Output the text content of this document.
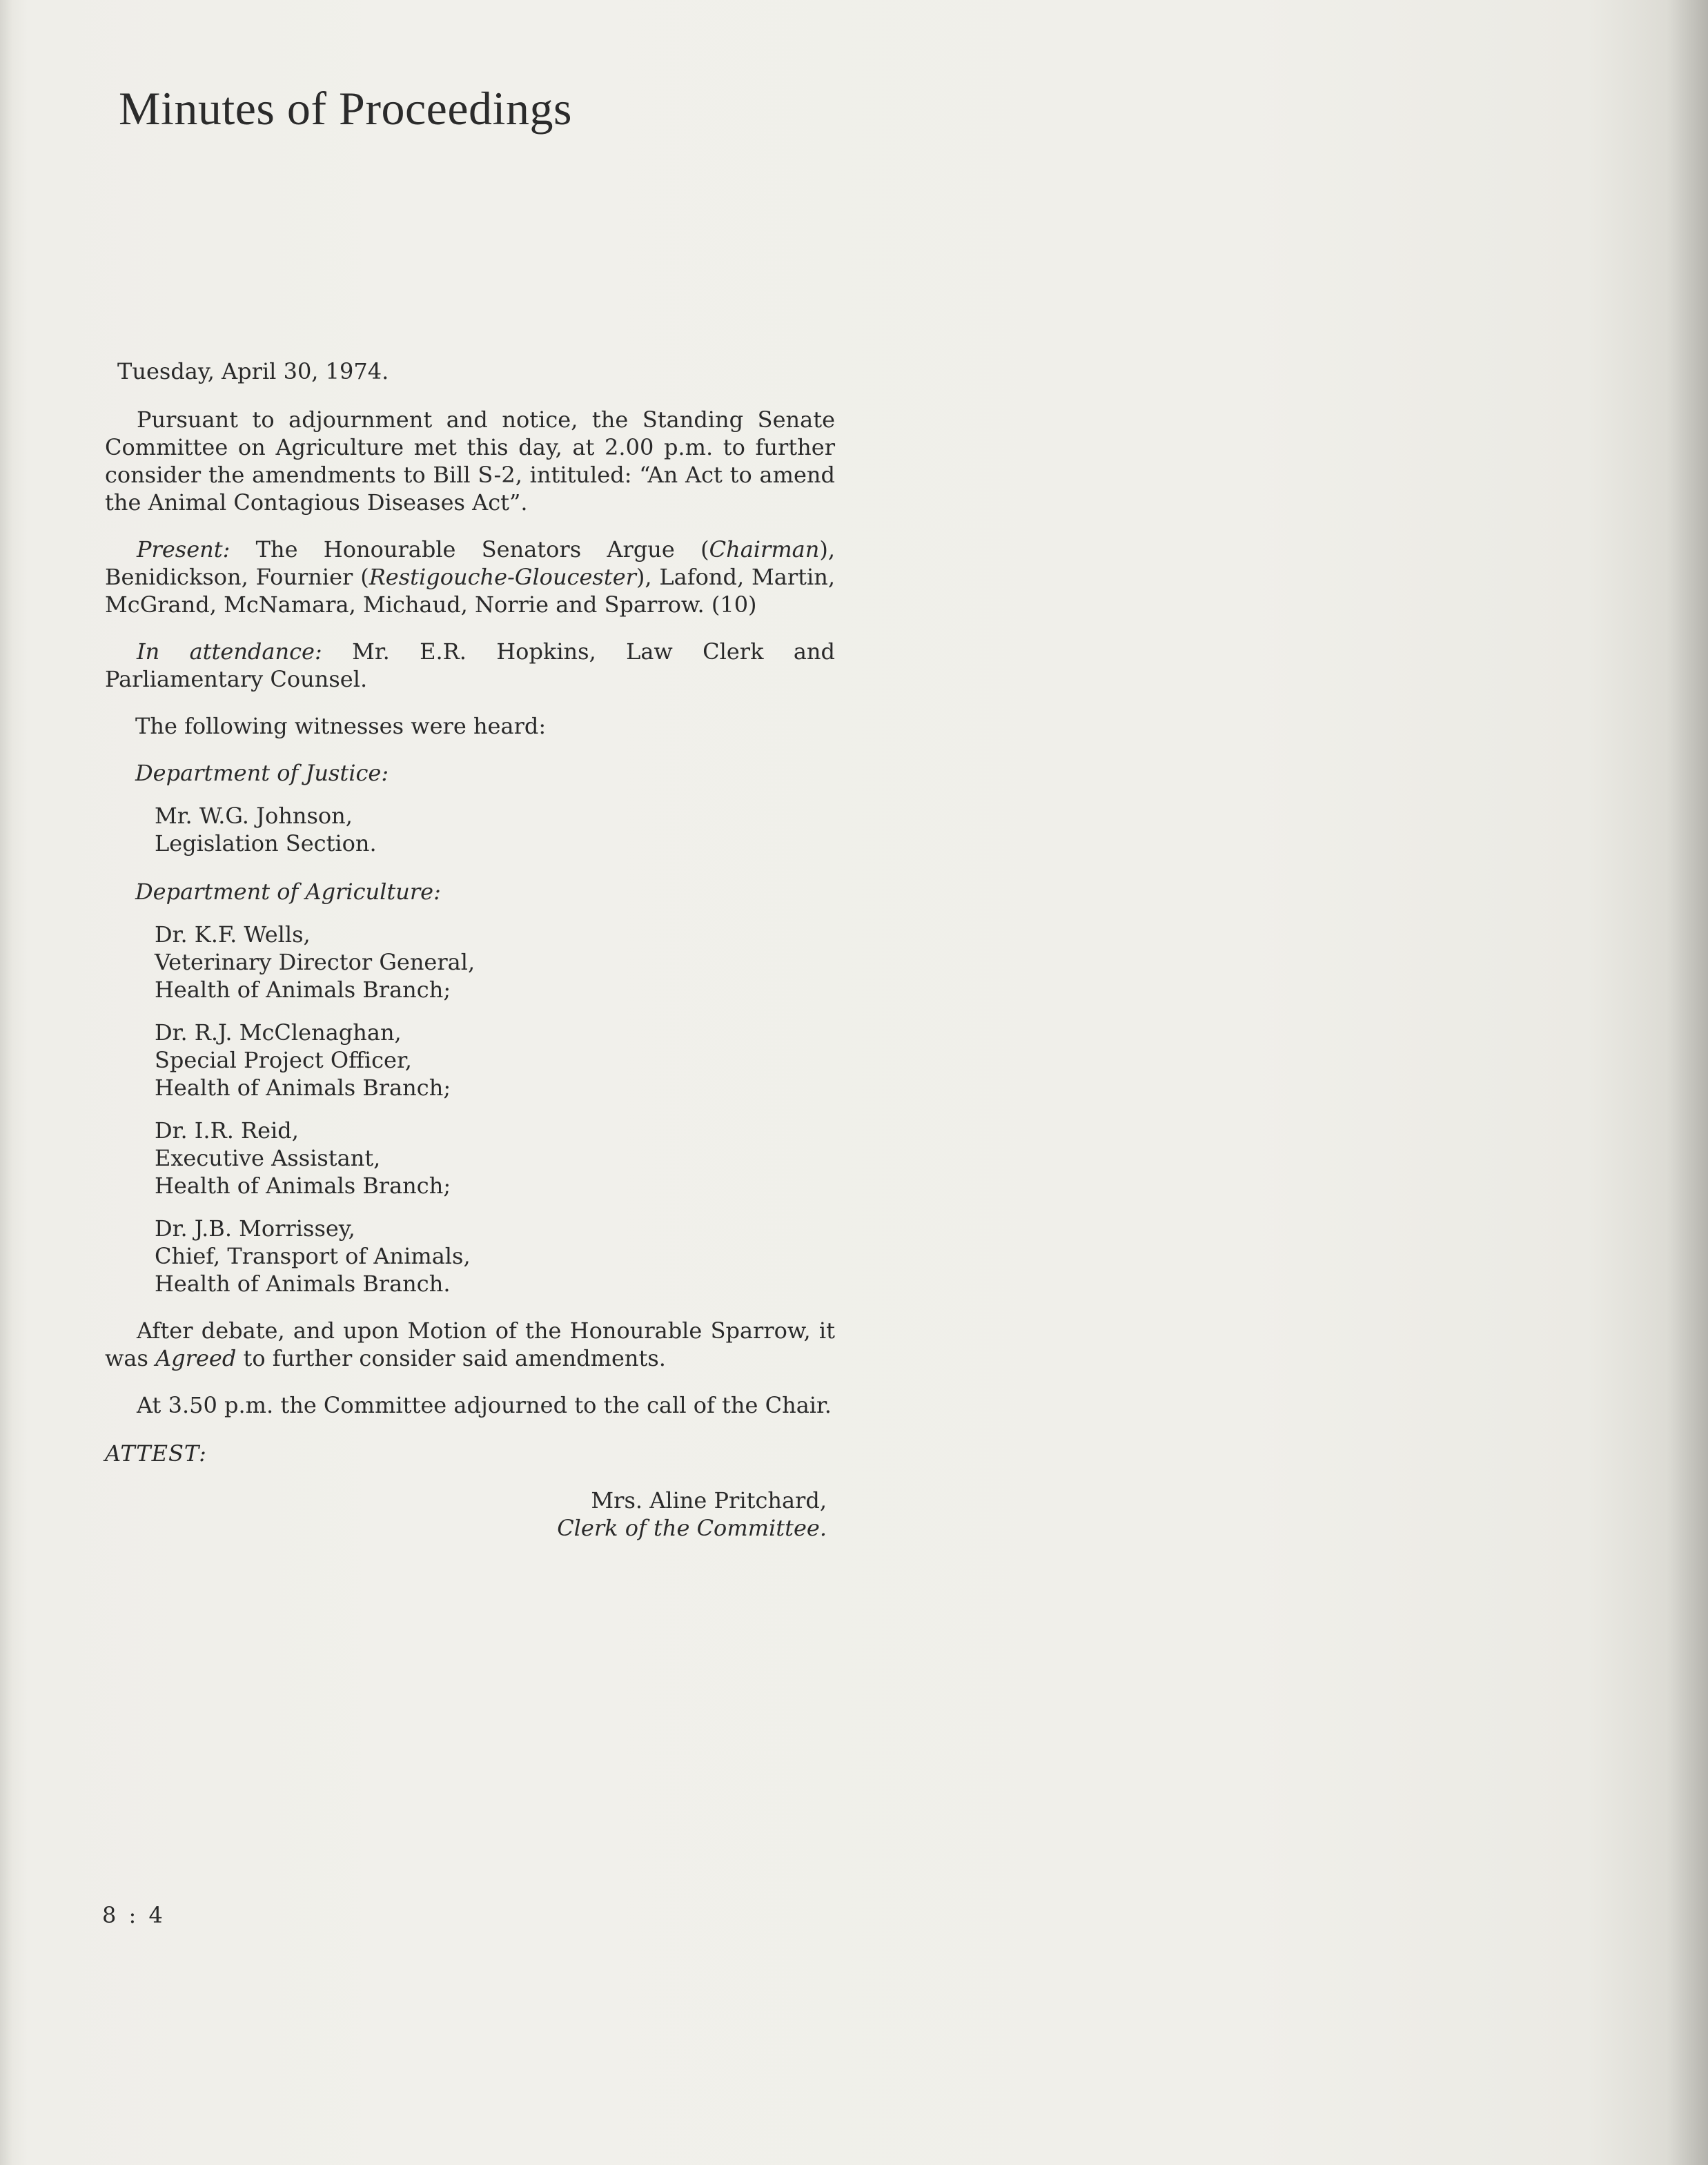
Minutes of Proceedings

Tuesday, April 30, 1974.

Pursuant to adjournment and notice, the Standing Senate Committee on Agriculture met this day, at 2.00 p.m. to further consider the amendments to Bill S-2, intituled: “An Act to amend the Animal Contagious Diseases Act”.

Present: The Honourable Senators Argue (Chairman), Benidickson, Fournier (Restigouche-Gloucester), Lafond, Martin, McGrand, McNamara, Michaud, Norrie and Sparrow. (10)

In attendance: Mr. E.R. Hopkins, Law Clerk and Parliamentary Counsel.

The following witnesses were heard:

Department of Justice:

Mr. W.G. Johnson,
Legislation Section.

Department of Agriculture:

Dr. K.F. Wells,
Veterinary Director General,
Health of Animals Branch;
Dr. R.J. McClenaghan,
Special Project Officer,
Health of Animals Branch;
Dr. I.R. Reid,
Executive Assistant,
Health of Animals Branch;
Dr. J.B. Morrissey,
Chief, Transport of Animals,
Health of Animals Branch.

After debate, and upon Motion of the Honourable Sparrow, it was Agreed to further consider said amendments.

At 3.50 p.m. the Committee adjourned to the call of the Chair.

ATTEST:

Mrs. Aline Pritchard,
Clerk of the Committee.
8 : 4
